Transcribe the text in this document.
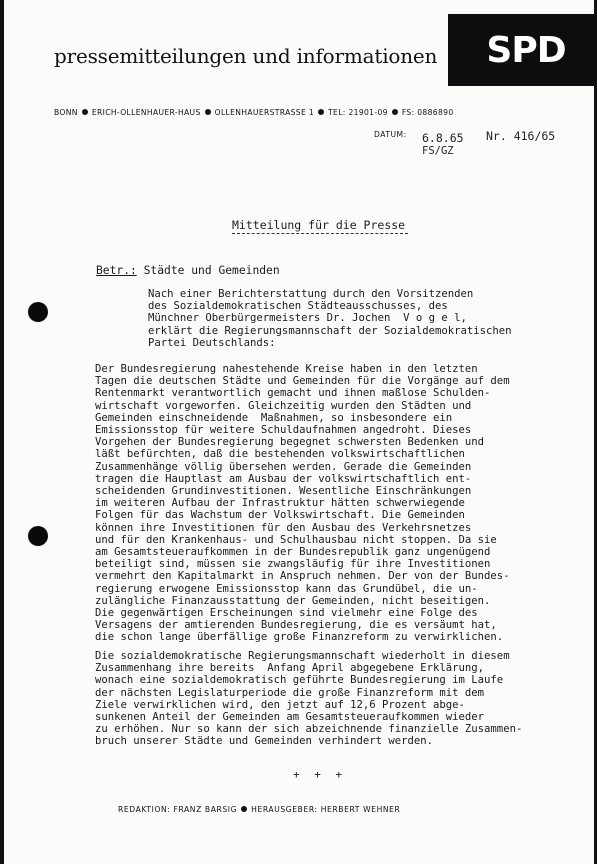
pressemitteilungen und informationen SPD
BONN ERICH-OLLENHAUER-HAUS OLLENHAUERSTRASSE 1 TEL: 21901-09 FS: 0886890
DATUM: 6.8.65 Nr. 416/65
FS/GZ
Mitteilung für die Presse
Betr.: Städte und Gemeinden
Nach einer Berichterstattung durch den Vorsitzenden
des Sozialdemokratischen Städteausschusses, des
Münchner Oberbürgermeisters Dr. Jochen  V o g e l,
erklärt die Regierungsmannschaft der Sozialdemokratischen
Partei Deutschlands:
Der Bundesregierung nahestehende Kreise haben in den letzten
Tagen die deutschen Städte und Gemeinden für die Vorgänge auf dem
Rentenmarkt verantwortlich gemacht und ihnen maßlose Schulden-
wirtschaft vorgeworfen. Gleichzeitig wurden den Städten und
Gemeinden einschneidende  Maßnahmen, so insbesondere ein
Emissionsstop für weitere Schuldaufnahmen angedroht. Dieses
Vorgehen der Bundesregierung begegnet schwersten Bedenken und
läßt befürchten, daß die bestehenden volkswirtschaftlichen
Zusammenhänge völlig übersehen werden. Gerade die Gemeinden
tragen die Hauptlast am Ausbau der volkswirtschaftlich ent-
scheidenden Grundinvestitionen. Wesentliche Einschränkungen
im weiteren Aufbau der Infrastruktur hätten schwerwiegende
Folgen für das Wachstum der Volkswirtschaft. Die Gemeinden
können ihre Investitionen für den Ausbau des Verkehrsnetzes
und für den Krankenhaus- und Schulhausbau nicht stoppen. Da sie
am Gesamtsteueraufkommen in der Bundesrepublik ganz ungenügend
beteiligt sind, müssen sie zwangsläufig für ihre Investitionen
vermehrt den Kapitalmarkt in Anspruch nehmen. Der von der Bundes-
regierung erwogene Emissionsstop kann das Grundübel, die un-
zulängliche Finanzausstattung der Gemeinden, nicht beseitigen.
Die gegenwärtigen Erscheinungen sind vielmehr eine Folge des
Versagens der amtierenden Bundesregierung, die es versäumt hat,
die schon lange überfällige große Finanzreform zu verwirklichen.
Die sozialdemokratische Regierungsmannschaft wiederholt in diesem
Zusammenhang ihre bereits  Anfang April abgegebene Erklärung,
wonach eine sozialdemokratisch geführte Bundesregierung im Laufe
der nächsten Legislaturperiode die große Finanzreform mit dem
Ziele verwirklichen wird, den jetzt auf 12,6 Prozent abge-
sunkenen Anteil der Gemeinden am Gesamtsteueraufkommen wieder
zu erhöhen. Nur so kann der sich abzeichnende finanzielle Zusammen-
bruch unserer Städte und Gemeinden verhindert werden.
+ + +
REDAKTION: FRANZ BARSIG HERAUSGEBER: HERBERT WEHNER
